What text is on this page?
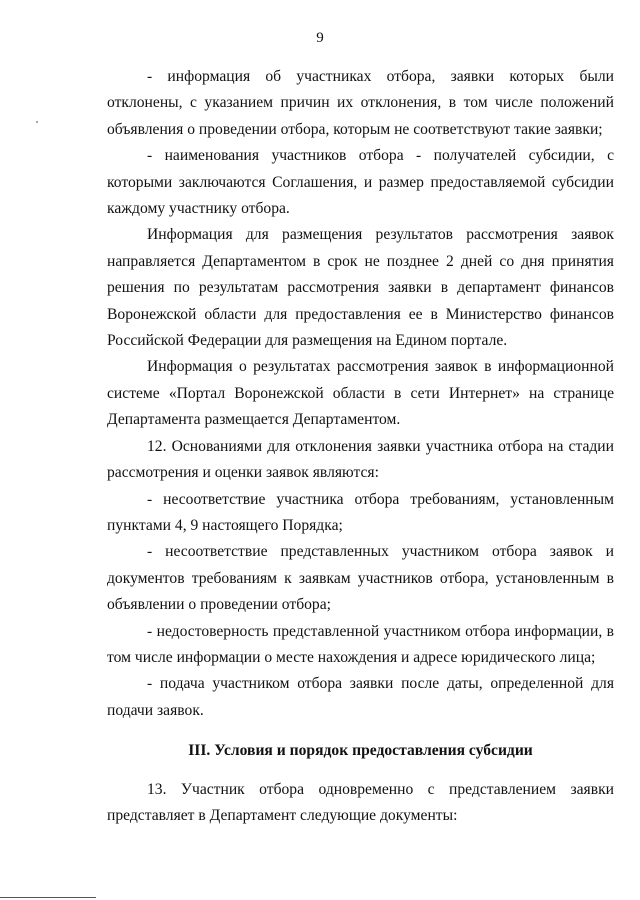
9

- информация об участниках отбора, заявки которых были отклонены, с указанием причин их отклонения, в том числе положений объявления о проведении отбора, которым не соответствуют такие заявки;

- наименования участников отбора - получателей субсидии, с которыми заключаются Соглашения, и размер предоставляемой субсидии каждому участнику отбора.

Информация для размещения результатов рассмотрения заявок направляется Департаментом в срок не позднее 2 дней со дня принятия решения по результатам рассмотрения заявки в департамент финансов Воронежской области для предоставления ее в Министерство финансов Российской Федерации для размещения на Едином портале.

Информация о результатах рассмотрения заявок в информационной системе «Портал Воронежской области в сети Интернет» на странице Департамента размещается Департаментом.

12. Основаниями для отклонения заявки участника отбора на стадии рассмотрения и оценки заявок являются:

- несоответствие участника отбора требованиям, установленным пунктами 4, 9 настоящего Порядка;

- несоответствие представленных участником отбора заявок и документов требованиям к заявкам участников отбора, установленным в объявлении о проведении отбора;

- недостоверность представленной участником отбора информации, в том числе информации о месте нахождения и адресе юридического лица;

- подача участником отбора заявки после даты, определенной для подачи заявок.

III. Условия и порядок предоставления субсидии

13. Участник отбора одновременно с представлением заявки представляет в Департамент следующие документы:
